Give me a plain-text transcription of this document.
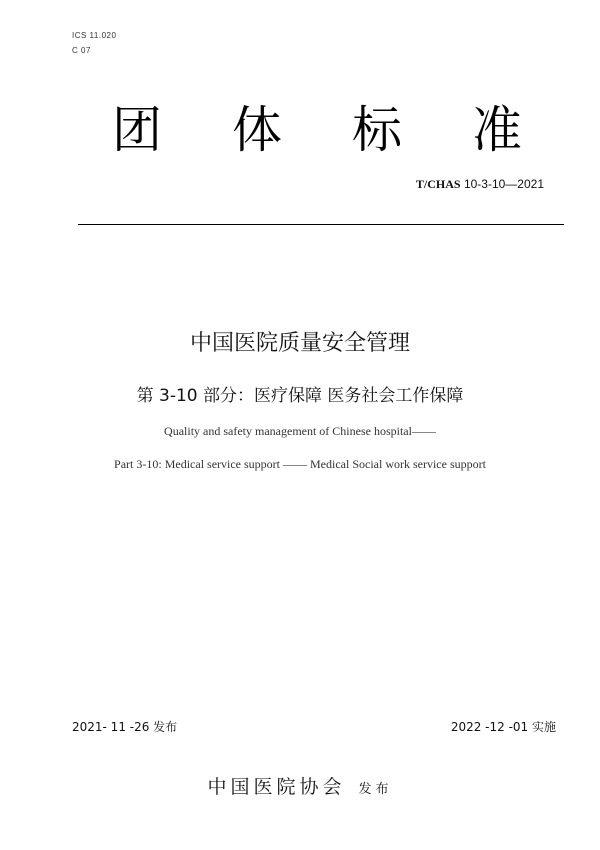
ICS 11.020
C 07
团 体 标 准
T/CHAS 10-3-10—2021
中国医院质量安全管理
第 3-10 部分：医疗保障 医务社会工作保障
Quality and safety management of Chinese hospital——
Part 3-10: Medical service support —— Medical Social work service support
2021- 11 -26 发布	2022 -12 -01 实施
中国医院协会 发布
